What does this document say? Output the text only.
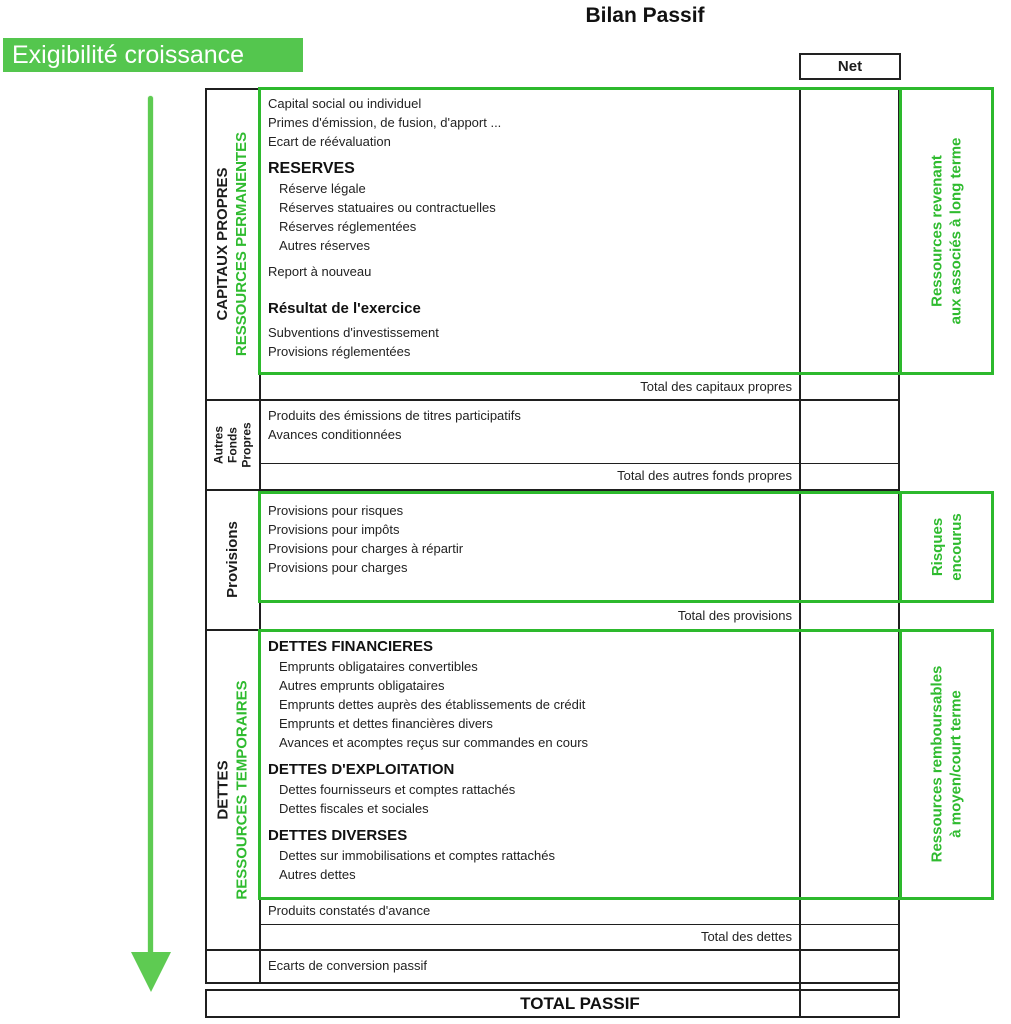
Bilan Passif
Exigibilité croissance	Net
CAPITAUX PROPRES RESSOURCES PERMANENTES
Autres Fonds Propres
Provisions
DETTES RESSOURCES TEMPORAIRES
Ressources revenant aux associés à long terme
Risques encourus
Ressources remboursables à moyen/court terme
Capital social ou individuel
Primes d'émission, de fusion, d'apport ...
Ecart de réévaluation
RESERVES
Réserve légale
Réserves statuaires ou contractuelles
Réserves réglementées
Autres réserves
Report à nouveau
Résultat de l'exercice
Subventions d'investissement
Provisions réglementées
Total des capitaux propres
Produits des émissions de titres participatifs
Avances conditionnées
Total des autres fonds propres
Provisions pour risques
Provisions pour impôts
Provisions pour charges à répartir
Provisions pour charges
Total des provisions
DETTES FINANCIERES
Emprunts obligataires convertibles
Autres emprunts obligataires
Emprunts dettes auprès des établissements de crédit
Emprunts et dettes financières divers
Avances et acomptes reçus sur commandes en cours
DETTES D'EXPLOITATION
Dettes fournisseurs et comptes rattachés
Dettes fiscales et sociales
DETTES DIVERSES
Dettes sur immobilisations et comptes rattachés
Autres dettes
Produits constatés d'avance
Total des dettes
Ecarts de conversion passif
TOTAL PASSIF
